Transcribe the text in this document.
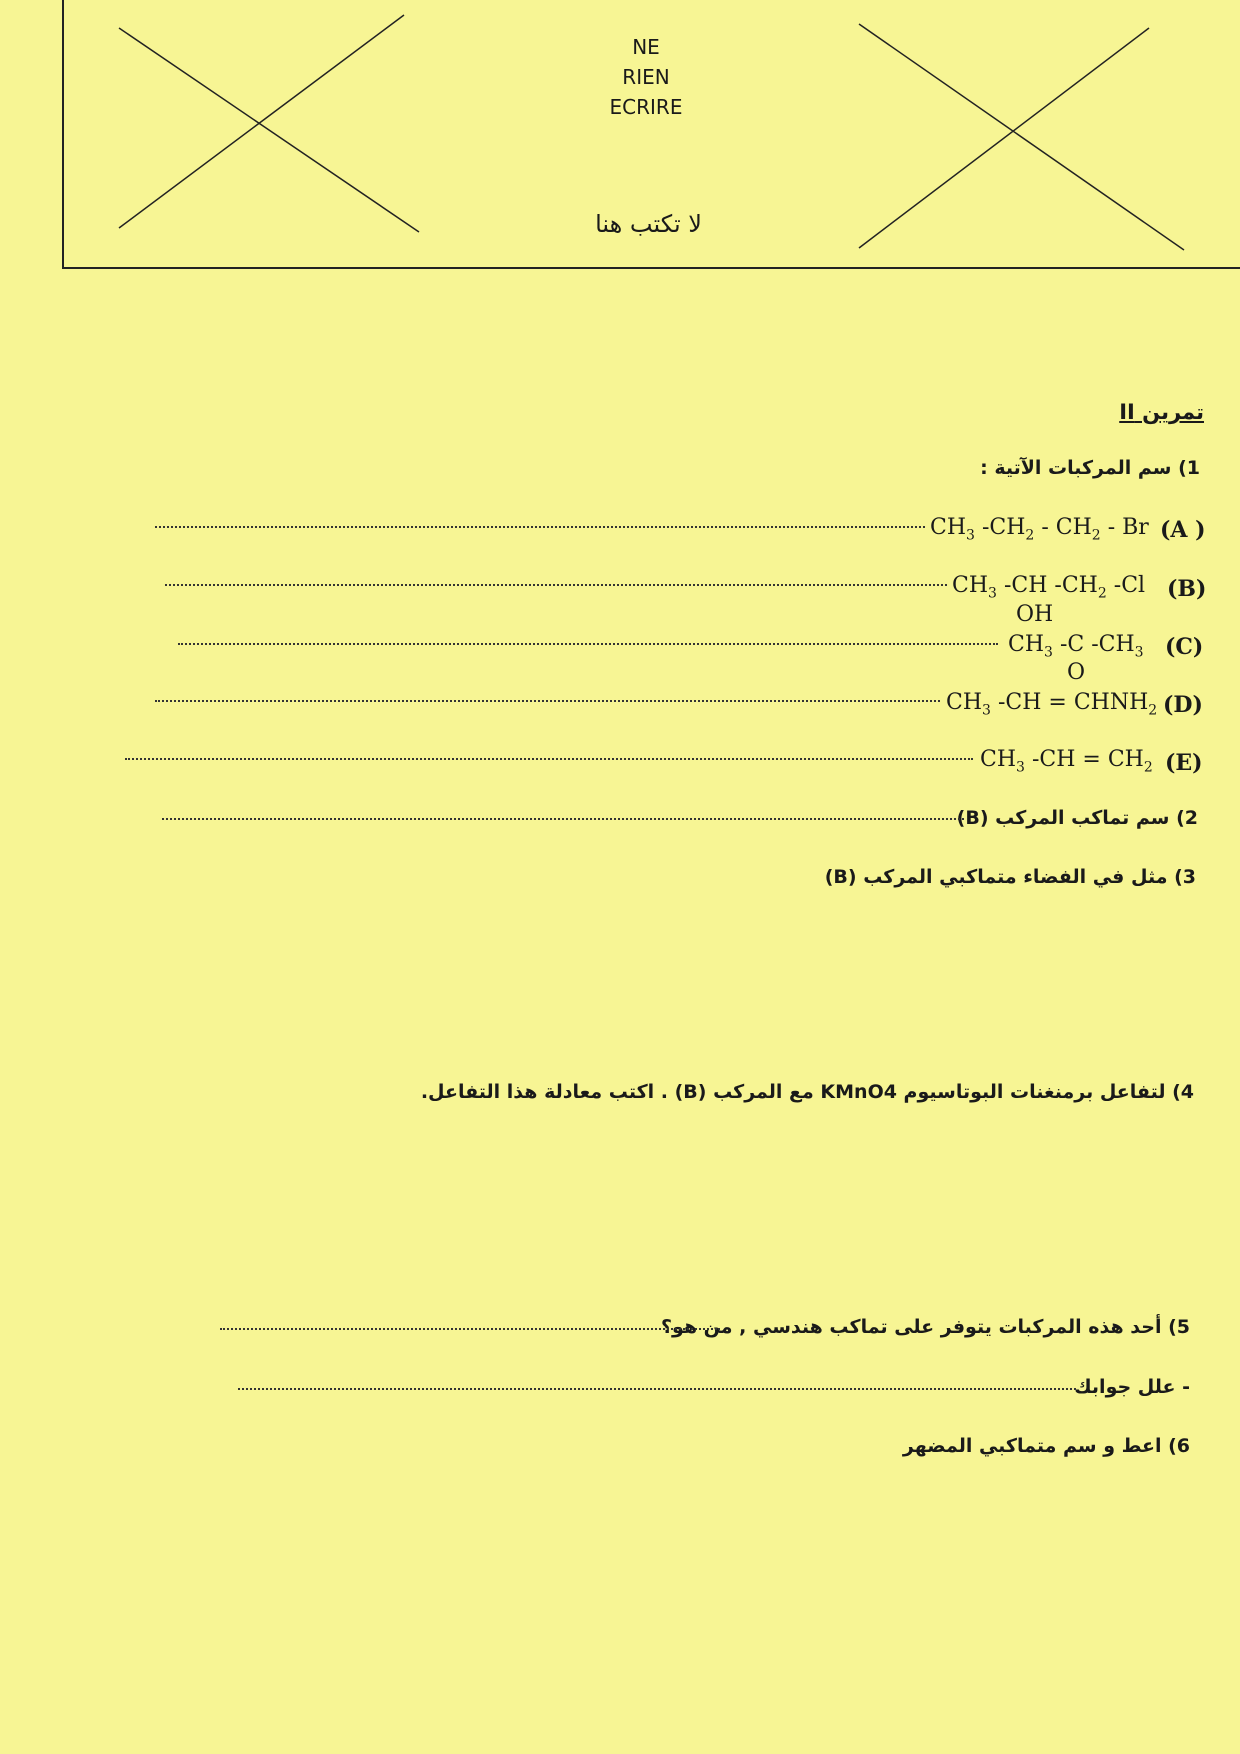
NE
RIEN
ECRIRE
لا تكتب هنا
تمرين II
1) سم المركبات الآتية :
(A )
$CH_3$ $-CH_2 - CH_2$ - Br
(B)
$CH_3$ -CH $-CH_2$ -Cl
OH
(C)
$CH_3$ -C $-CH_3$
O
(D)
$CH_3$ $-CH = CHNH_2$
(E)
$CH_3$ $-CH = CH_2$
2) سم تماكب المركب (B)
3) مثل في الفضاء متماكبي المركب (B)
4) لتفاعل برمنغنات البوتاسيوم KMnO4 مع المركب (B) . اكتب معادلة هذا التفاعل.
5) أحد هذه المركبات يتوفر على تماكب هندسي , من هو؟
- علل جوابك
6) اعط و سم متماكبي المضهر
